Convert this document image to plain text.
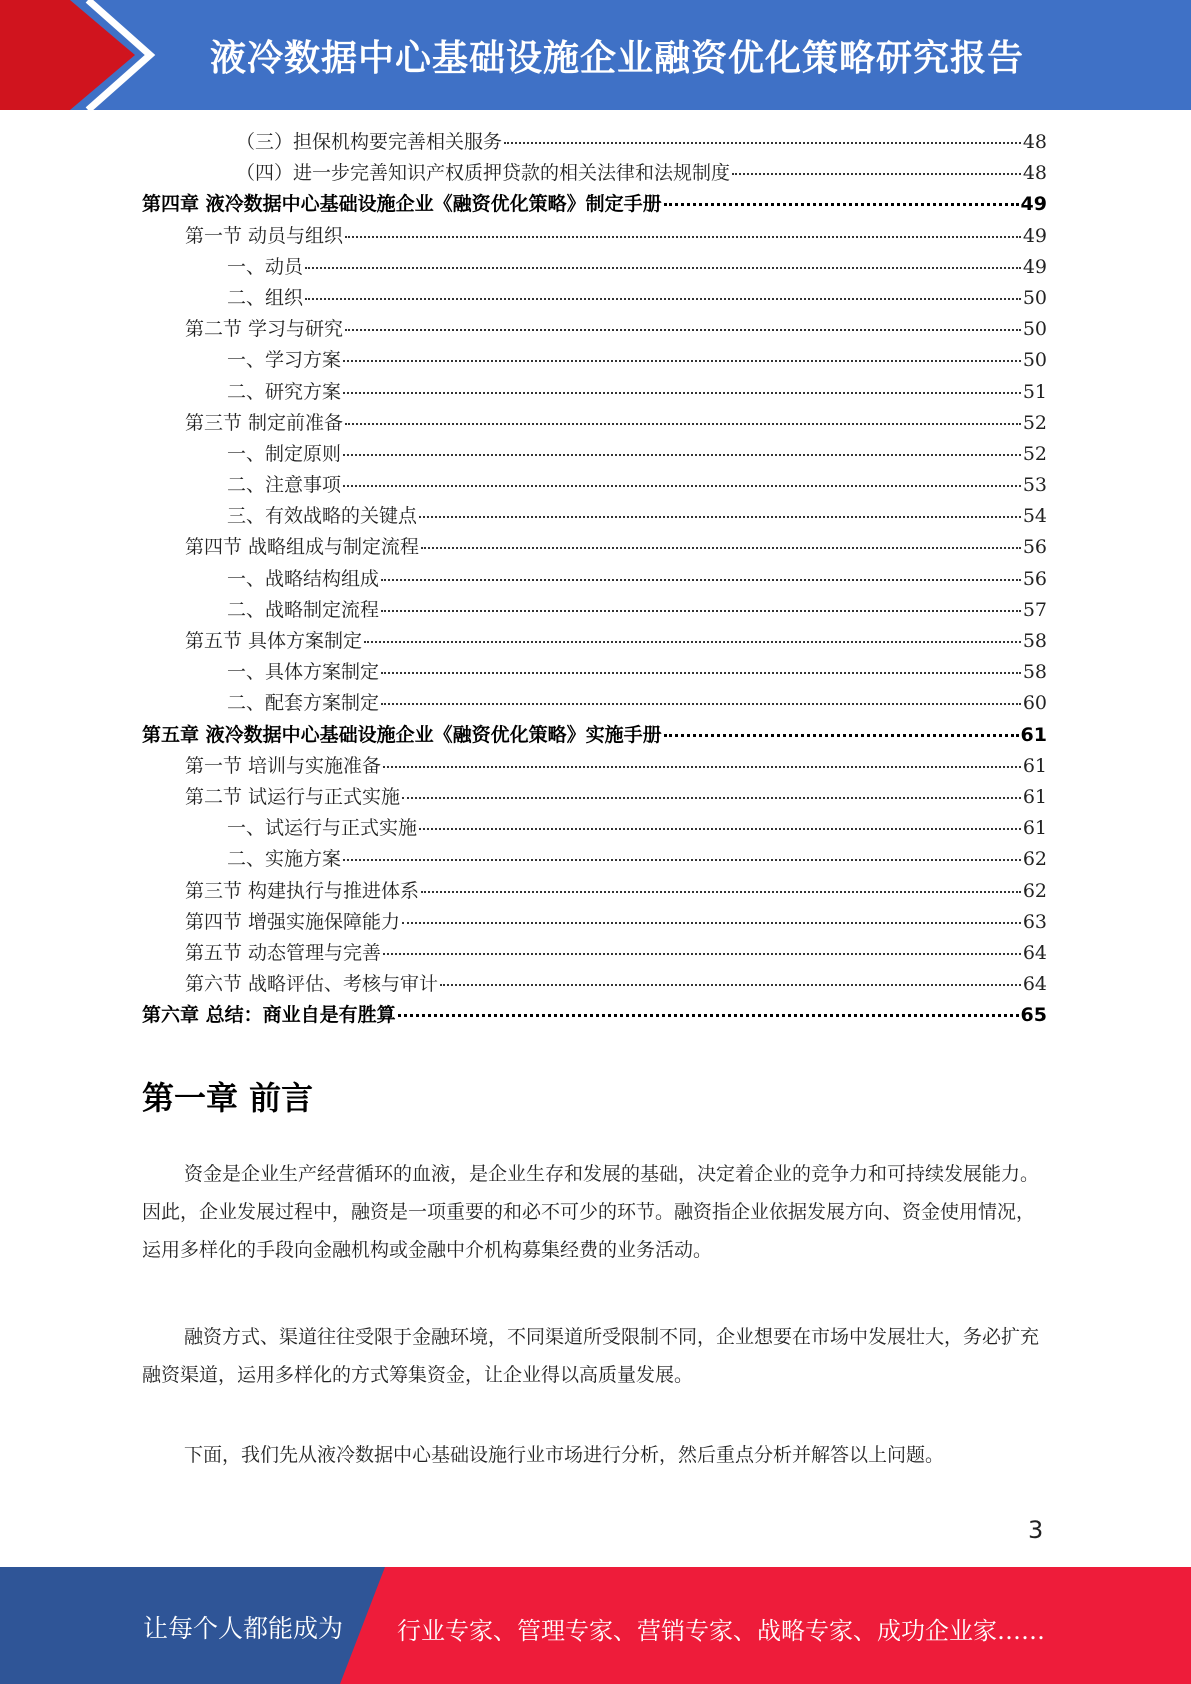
液冷数据中心基础设施企业融资优化策略研究报告
（三）担保机构要完善相关服务	48
（四）进一步完善知识产权质押贷款的相关法律和法规制度	48
第四章 液冷数据中心基础设施企业《融资优化策略》制定手册	49
第一节 动员与组织	49
一、动员	49
二、组织	50
第二节 学习与研究	50
一、学习方案	50
二、研究方案	51
第三节 制定前准备	52
一、制定原则	52
二、注意事项	53
三、有效战略的关键点	54
第四节 战略组成与制定流程	56
一、战略结构组成	56
二、战略制定流程	57
第五节 具体方案制定	58
一、具体方案制定	58
二、配套方案制定	60
第五章 液冷数据中心基础设施企业《融资优化策略》实施手册	61
第一节 培训与实施准备	61
第二节 试运行与正式实施	61
一、试运行与正式实施	61
二、实施方案	62
第三节 构建执行与推进体系	62
第四节 增强实施保障能力	63
第五节 动态管理与完善	64
第六节 战略评估、考核与审计	64
第六章 总结：商业自是有胜算	65
第一章 前言

资金是企业生产经营循环的血液，是企业生存和发展的基础，决定着企业的竞争力和可持续发展能力。因此，企业发展过程中，融资是一项重要的和必不可少的环节。融资指企业依据发展方向、资金使用情况，运用多样化的手段向金融机构或金融中介机构募集经费的业务活动。

融资方式、渠道往往受限于金融环境，不同渠道所受限制不同，企业想要在市场中发展壮大，务必扩充融资渠道，运用多样化的方式筹集资金，让企业得以高质量发展。

下面，我们先从液冷数据中心基础设施行业市场进行分析，然后重点分析并解答以上问题。

3
让每个人都能成为 行业专家、管理专家、营销专家、战略专家、成功企业家……
